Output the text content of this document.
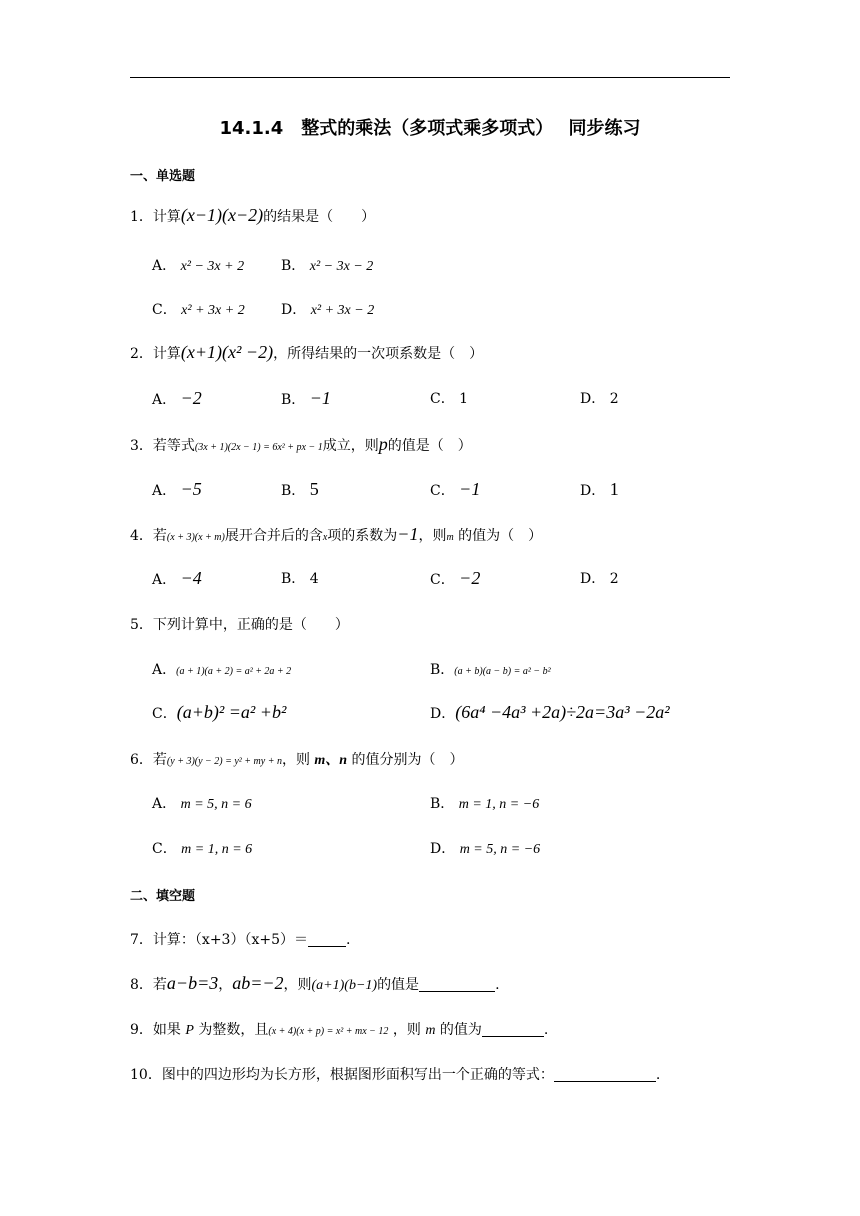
14.1.4　整式的乘法（多项式乘多项式）　 同步练习
一、单选题
1．计算(x−1)(x−2)的结果是（　　）
A． x² − 3x + 2	B． x² − 3x − 2
C． x² + 3x + 2	D． x² + 3x − 2
2．计算(x+1)(x² −2)，所得结果的一次项系数是（　）
A． −2	B． −1	C． 1	D． 2
3．若等式(3x + 1)(2x − 1) = 6x² + px − 1成立，则p的值是（　）
A． −5	B． 5	C． −1	D． 1
4．若(x + 3)(x + m)展开合并后的含x项的系数为−1，则m 的值为（　）
A． −4	B． 4	C． −2	D． 2
5．下列计算中，正确的是（　　）
A．(a + 1)(a + 2) = a² + 2a + 2	B．(a + b)(a − b) = a² − b²
C．(a+b)² =a² +b²	D．(6a⁴ −4a³ +2a)÷2a=3a³ −2a²
6．若(y + 3)(y − 2) = y² + my + n，则 m、n 的值分别为（　）
A． m = 5, n = 6	B． m = 1, n = −6
C． m = 1, n = 6	D． m = 5, n = −6
二、填空题
7．计算：（x+3）（x+5）＝	.
8．若a−b=3，ab=−2，则(a+1)(b−1)的值是	.
9．如果 P 为整数，且(x + 4)(x + p) = x² + mx − 12 ，则 m 的值为	.
10．图中的四边形均为长方形，根据图形面积写出一个正确的等式：	.
